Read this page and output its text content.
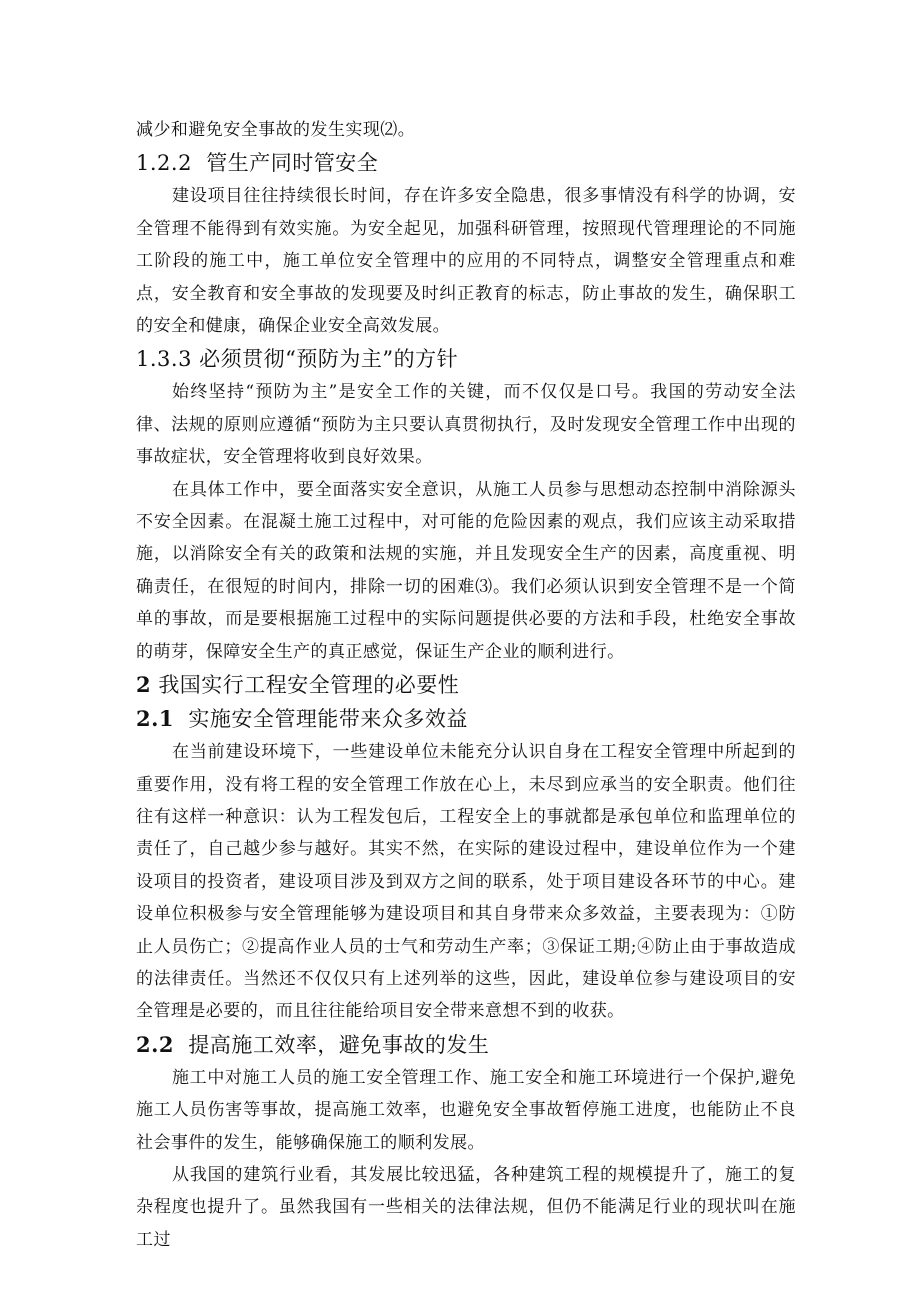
减少和避免安全事故的发生实现⑵。

1.2.2 管生产同时管安全

建设项目往往持续很长时间，存在许多安全隐患，很多事情没有科学的协调，安全管理不能得到有效实施。为安全起见，加强科研管理，按照现代管理理论的不同施工阶段的施工中，施工单位安全管理中的应用的不同特点，调整安全管理重点和难点，安全教育和安全事故的发现要及时纠正教育的标志，防止事故的发生，确保职工的安全和健康，确保企业安全高效发展。

1.3.3 必须贯彻“预防为主”的方针

始终坚持“预防为主”是安全工作的关键，而不仅仅是口号。我国的劳动安全法律、法规的原则应遵循“预防为主只要认真贯彻执行，及时发现安全管理工作中出现的事故症状，安全管理将收到良好效果。

在具体工作中，要全面落实安全意识，从施工人员参与思想动态控制中消除源头不安全因素。在混凝土施工过程中，对可能的危险因素的观点，我们应该主动采取措施，以消除安全有关的政策和法规的实施，并且发现安全生产的因素，高度重视、明确责任，在很短的时间内，排除一切的困难⑶。我们必须认识到安全管理不是一个简单的事故，而是要根据施工过程中的实际问题提供必要的方法和手段，杜绝安全事故的萌芽，保障安全生产的真正感觉，保证生产企业的顺利进行。

2 我国实行工程安全管理的必要性
2.1 实施安全管理能带来众多效益

在当前建设环境下，一些建设单位未能充分认识自身在工程安全管理中所起到的重要作用，没有将工程的安全管理工作放在心上，未尽到应承当的安全职责。他们往往有这样一种意识：认为工程发包后，工程安全上的事就都是承包单位和监理单位的责任了，自己越少参与越好。其实不然，在实际的建设过程中，建设单位作为一个建设项目的投资者，建设项目涉及到双方之间的联系，处于项目建设各环节的中心。建设单位积极参与安全管理能够为建设项目和其自身带来众多效益，主要表现为：①防止人员伤亡；②提高作业人员的士气和劳动生产率；③保证工期;④防止由于事故造成的法律责任。当然还不仅仅只有上述列举的这些，因此，建设单位参与建设项目的安全管理是必要的，而且往往能给项目安全带来意想不到的收获。

2.2 提高施工效率，避免事故的发生

施工中对施工人员的施工安全管理工作、施工安全和施工环境进行一个保护,避免施工人员伤害等事故，提高施工效率，也避免安全事故暂停施工进度，也能防止不良社会事件的发生，能够确保施工的顺利发展。

从我国的建筑行业看，其发展比较迅猛，各种建筑工程的规模提升了，施工的复杂程度也提升了。虽然我国有一些相关的法律法规，但仍不能满足行业的现状叫在施工过
